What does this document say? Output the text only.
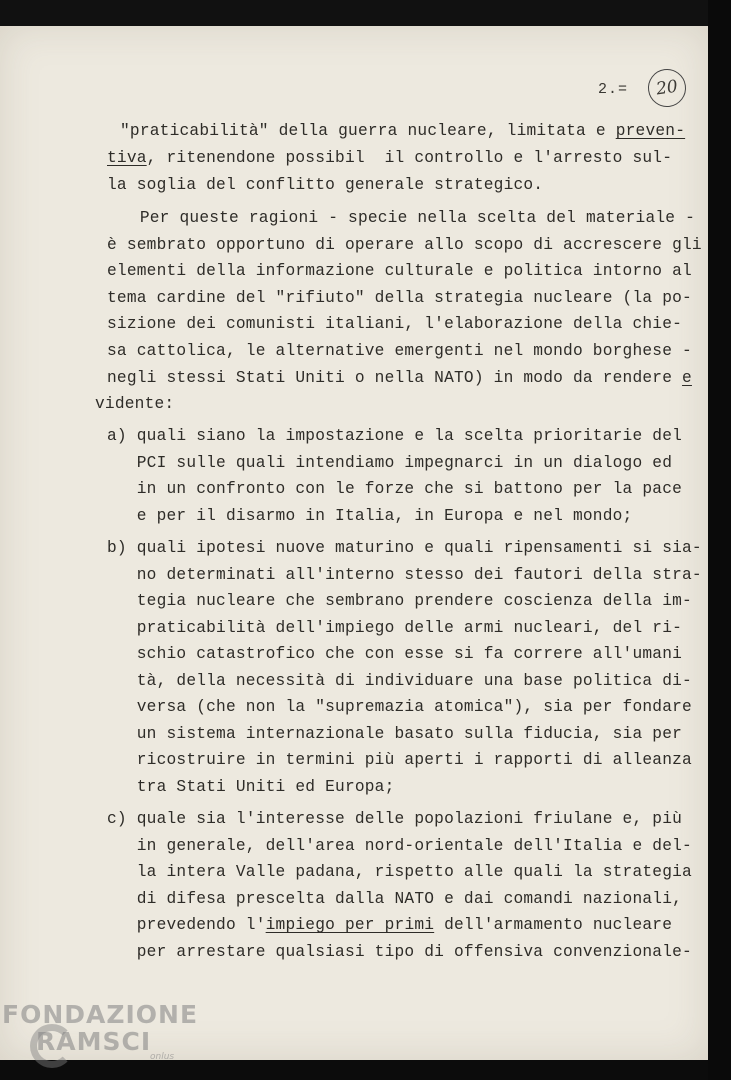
2.= 20
"praticabilità" della guerra nucleare, limitata e preven-
tiva, ritenendone possibil  il controllo e l'arresto sul-
la soglia del conflitto generale strategico.
Per queste ragioni - specie nella scelta del materiale -
è sembrato opportuno di operare allo scopo di accrescere gli
elementi della informazione culturale e politica intorno al
tema cardine del "rifiuto" della strategia nucleare (la po-
sizione dei comunisti italiani, l'elaborazione della chie-
sa cattolica, le alternative emergenti nel mondo borghese -
negli stessi Stati Uniti o nella NATO) in modo da rendere e
vidente:
a) quali siano la impostazione e la scelta prioritarie del
PCI sulle quali intendiamo impegnarci in un dialogo ed
in un confronto con le forze che si battono per la pace
e per il disarmo in Italia, in Europa e nel mondo;
b) quali ipotesi nuove maturino e quali ripensamenti si sia-
no determinati all'interno stesso dei fautori della stra-
tegia nucleare che sembrano prendere coscienza della im-
praticabilità dell'impiego delle armi nucleari, del ri-
schio catastrofico che con esse si fa correre all'umani
tà, della necessità di individuare una base politica di-
versa (che non la "supremazia atomica"), sia per fondare
un sistema internazionale basato sulla fiducia, sia per
ricostruire in termini più aperti i rapporti di alleanza
tra Stati Uniti ed Europa;
c) quale sia l'interesse delle popolazioni friulane e, più
in generale, dell'area nord-orientale dell'Italia e del-
la intera Valle padana, rispetto alle quali la strategia
di difesa prescelta dalla NATO e dai comandi nazionali,
prevedendo l'impiego per primi dell'armamento nucleare
per arrestare qualsiasi tipo di offensiva convenzionale-
FONDAZIONE
RAMSCI
onlus
